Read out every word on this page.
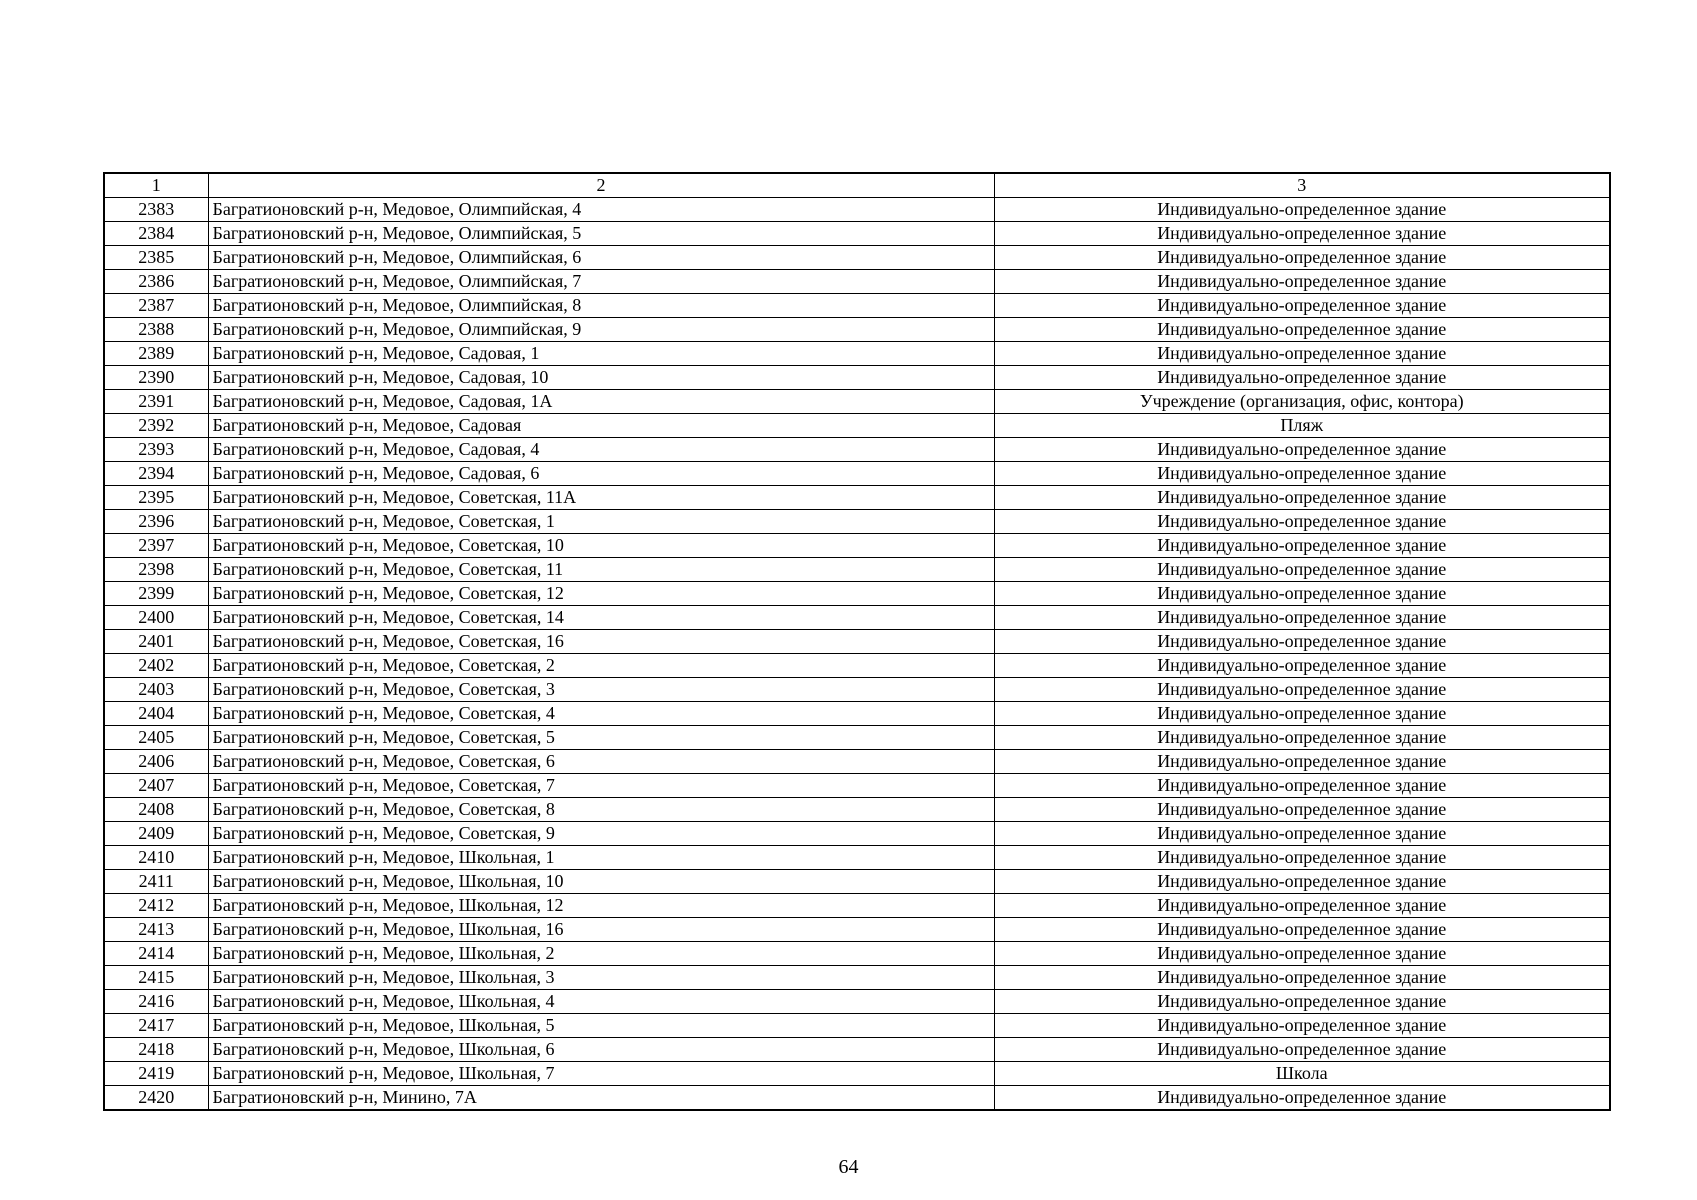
1	2	3
2383	Багратионовский р-н, Медовое, Олимпийская, 4	Индивидуально-определенное здание
2384	Багратионовский р-н, Медовое, Олимпийская, 5	Индивидуально-определенное здание
2385	Багратионовский р-н, Медовое, Олимпийская, 6	Индивидуально-определенное здание
2386	Багратионовский р-н, Медовое, Олимпийская, 7	Индивидуально-определенное здание
2387	Багратионовский р-н, Медовое, Олимпийская, 8	Индивидуально-определенное здание
2388	Багратионовский р-н, Медовое, Олимпийская, 9	Индивидуально-определенное здание
2389	Багратионовский р-н, Медовое, Садовая, 1	Индивидуально-определенное здание
2390	Багратионовский р-н, Медовое, Садовая, 10	Индивидуально-определенное здание
2391	Багратионовский р-н, Медовое, Садовая, 1А	Учреждение (организация, офис, контора)
2392	Багратионовский р-н, Медовое, Садовая	Пляж
2393	Багратионовский р-н, Медовое, Садовая, 4	Индивидуально-определенное здание
2394	Багратионовский р-н, Медовое, Садовая, 6	Индивидуально-определенное здание
2395	Багратионовский р-н, Медовое, Советская, 11А	Индивидуально-определенное здание
2396	Багратионовский р-н, Медовое, Советская, 1	Индивидуально-определенное здание
2397	Багратионовский р-н, Медовое, Советская, 10	Индивидуально-определенное здание
2398	Багратионовский р-н, Медовое, Советская, 11	Индивидуально-определенное здание
2399	Багратионовский р-н, Медовое, Советская, 12	Индивидуально-определенное здание
2400	Багратионовский р-н, Медовое, Советская, 14	Индивидуально-определенное здание
2401	Багратионовский р-н, Медовое, Советская, 16	Индивидуально-определенное здание
2402	Багратионовский р-н, Медовое, Советская, 2	Индивидуально-определенное здание
2403	Багратионовский р-н, Медовое, Советская, 3	Индивидуально-определенное здание
2404	Багратионовский р-н, Медовое, Советская, 4	Индивидуально-определенное здание
2405	Багратионовский р-н, Медовое, Советская, 5	Индивидуально-определенное здание
2406	Багратионовский р-н, Медовое, Советская, 6	Индивидуально-определенное здание
2407	Багратионовский р-н, Медовое, Советская, 7	Индивидуально-определенное здание
2408	Багратионовский р-н, Медовое, Советская, 8	Индивидуально-определенное здание
2409	Багратионовский р-н, Медовое, Советская, 9	Индивидуально-определенное здание
2410	Багратионовский р-н, Медовое, Школьная, 1	Индивидуально-определенное здание
2411	Багратионовский р-н, Медовое, Школьная, 10	Индивидуально-определенное здание
2412	Багратионовский р-н, Медовое, Школьная, 12	Индивидуально-определенное здание
2413	Багратионовский р-н, Медовое, Школьная, 16	Индивидуально-определенное здание
2414	Багратионовский р-н, Медовое, Школьная, 2	Индивидуально-определенное здание
2415	Багратионовский р-н, Медовое, Школьная, 3	Индивидуально-определенное здание
2416	Багратионовский р-н, Медовое, Школьная, 4	Индивидуально-определенное здание
2417	Багратионовский р-н, Медовое, Школьная, 5	Индивидуально-определенное здание
2418	Багратионовский р-н, Медовое, Школьная, 6	Индивидуально-определенное здание
2419	Багратионовский р-н, Медовое, Школьная, 7	Школа
2420	Багратионовский р-н, Минино, 7А	Индивидуально-определенное здание
64
